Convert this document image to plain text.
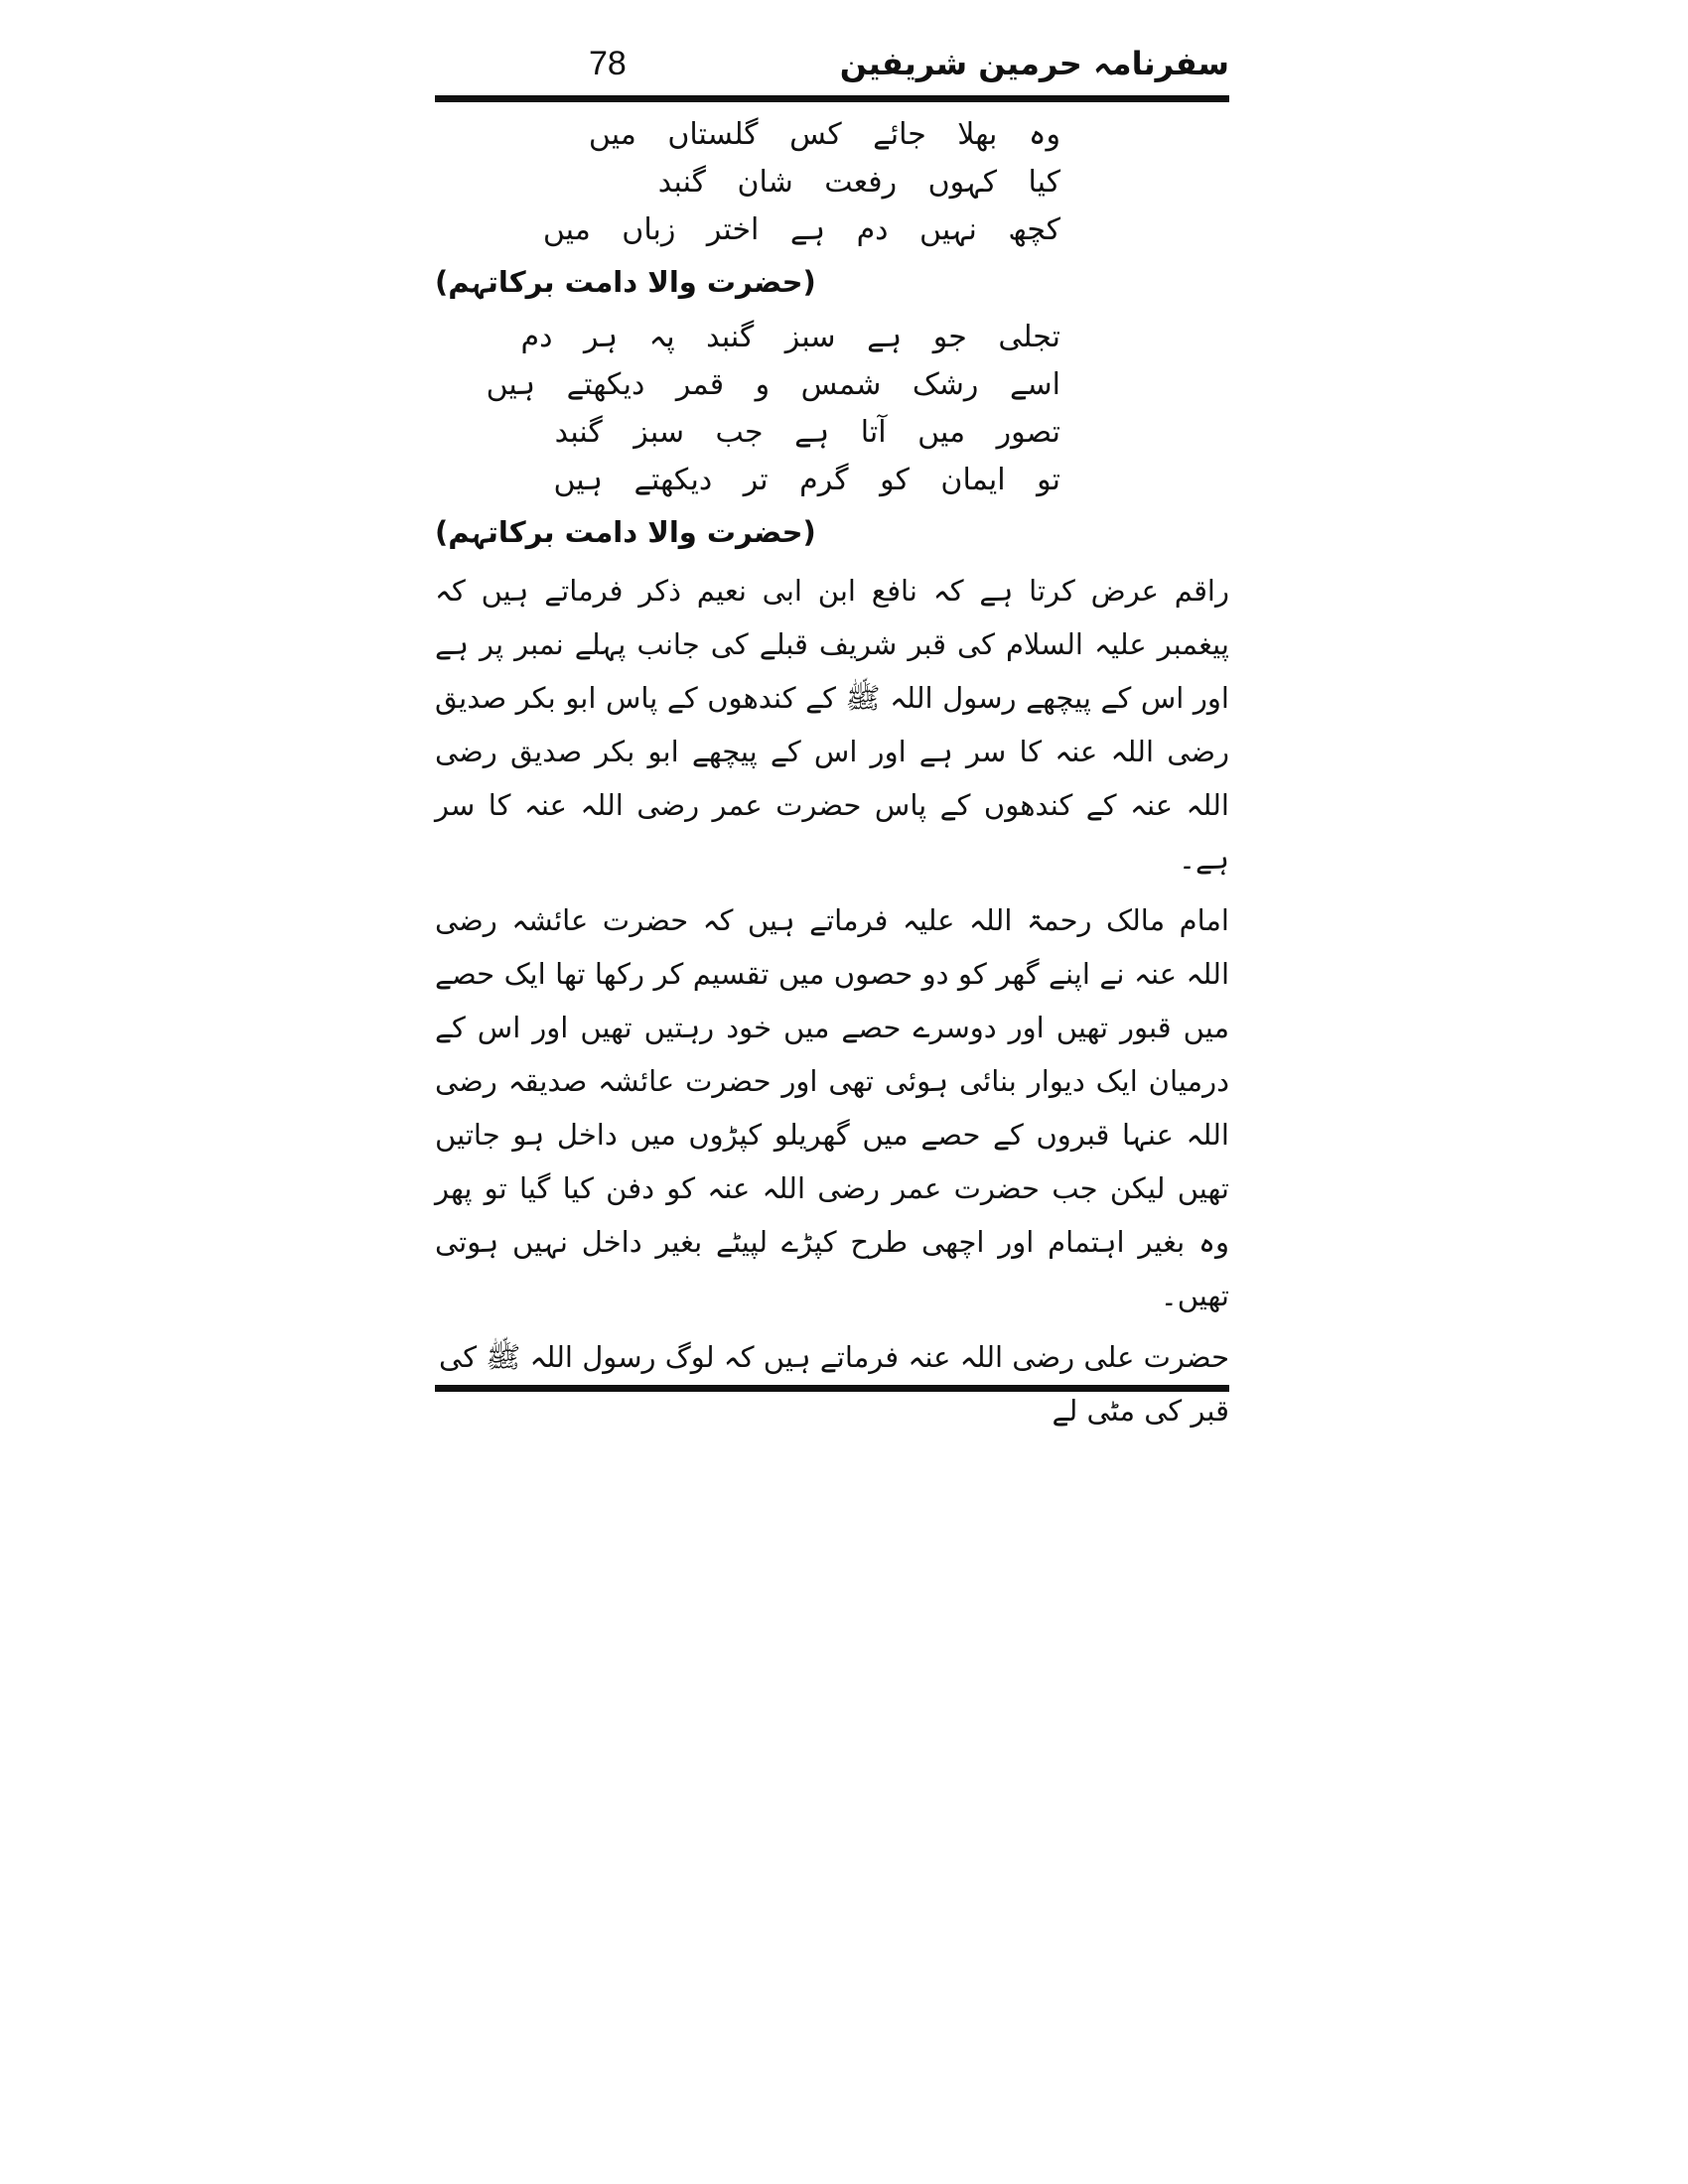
78	سفرنامہ حرمین شریفین
وہ بھلا جائے کس گلستاں میں
کیا کہوں رفعت شان گنبد
کچھ نہیں دم ہے اختر زباں میں
(حضرت والا دامت برکاتہم)
تجلی جو ہے سبز گنبد پہ ہر دم
اسے رشک شمس و قمر دیکھتے ہیں
تصور میں آتا ہے جب سبز گنبد
تو ایمان کو گرم تر دیکھتے ہیں
(حضرت والا دامت برکاتہم)

راقم عرض کرتا ہے کہ نافع ابن ابی نعیم ذکر فرماتے ہیں کہ پیغمبر علیہ السلام کی قبر شریف قبلے کی جانب پہلے نمبر پر ہے اور اس کے پیچھے رسول اللہ ﷺ کے کندھوں کے پاس ابو بکر صدیق رضی اللہ عنہ کا سر ہے اور اس کے پیچھے ابو بکر صدیق رضی اللہ عنہ کے کندھوں کے پاس حضرت عمر رضی اللہ عنہ کا سر ہے۔

امام مالک رحمۃ اللہ علیہ فرماتے ہیں کہ حضرت عائشہ رضی اللہ عنہ نے اپنے گھر کو دو حصوں میں تقسیم کر رکھا تھا ایک حصے میں قبور تھیں اور دوسرے حصے میں خود رہتیں تھیں اور اس کے درمیان ایک دیوار بنائی ہوئی تھی اور حضرت عائشہ صدیقہ رضی اللہ عنہا قبروں کے حصے میں گھریلو کپڑوں میں داخل ہو جاتیں تھیں لیکن جب حضرت عمر رضی اللہ عنہ کو دفن کیا گیا تو پھر وہ بغیر اہتمام اور اچھی طرح کپڑے لپیٹے بغیر داخل نہیں ہوتی تھیں۔

حضرت علی رضی اللہ عنہ فرماتے ہیں کہ لوگ رسول اللہ ﷺ کی قبر کی مٹی لے
